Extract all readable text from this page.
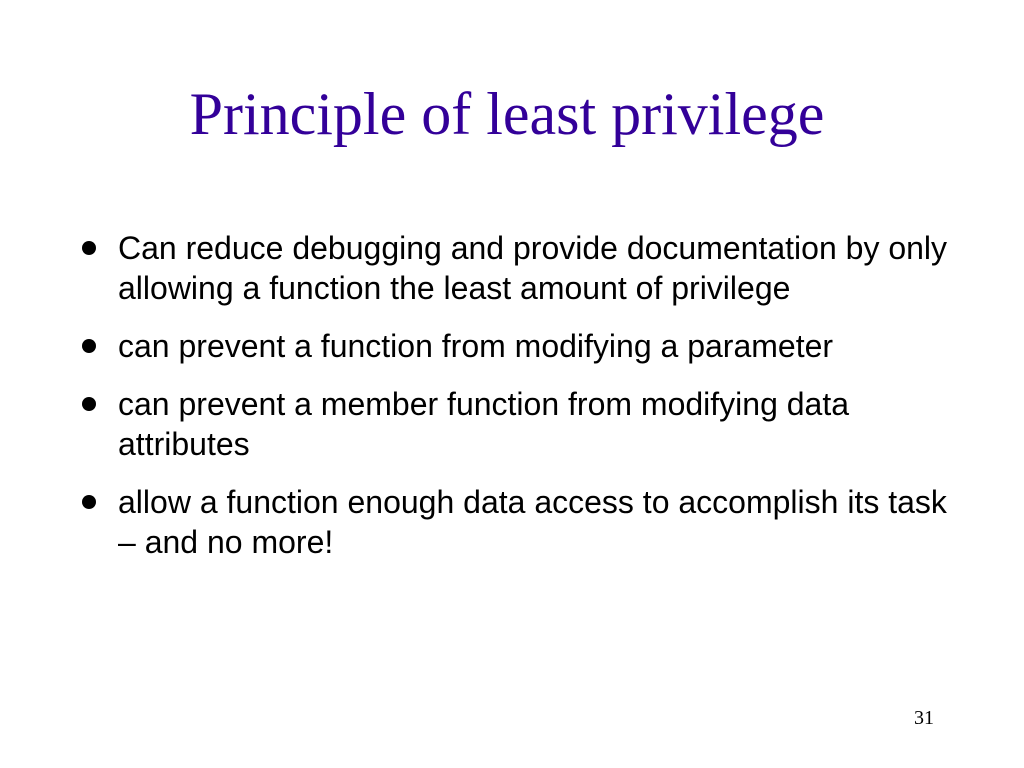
Principle of least privilege
Can reduce debugging and provide documentation by only allowing a function the least amount of privilege
can prevent a function from modifying a parameter
can prevent a member function from modifying data attributes
allow a function enough data access to accomplish its task – and no more!
31
